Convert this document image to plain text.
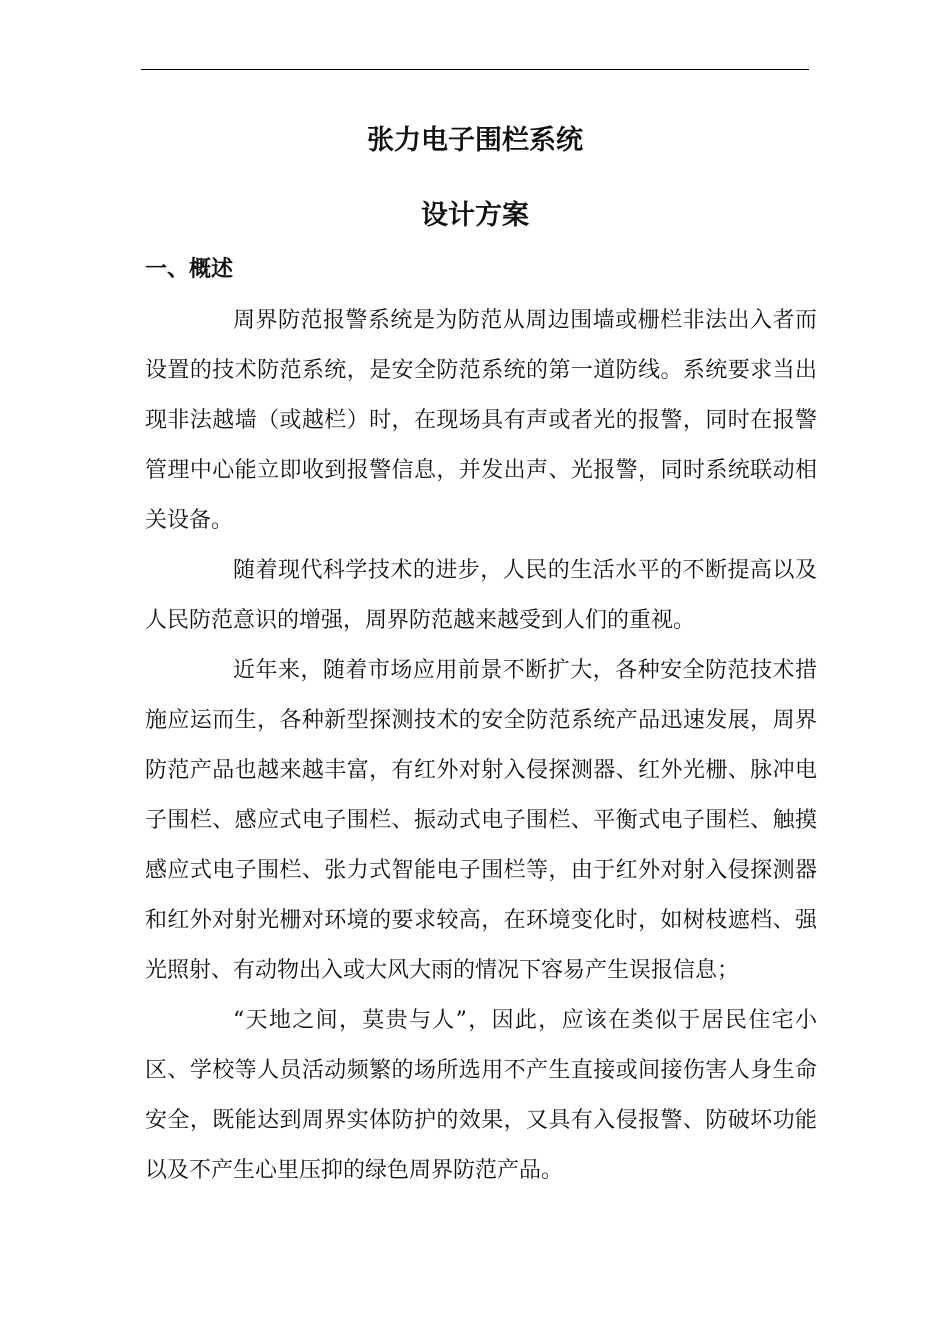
张力电子围栏系统
设计方案
一、概述

周界防范报警系统是为防范从周边围墙或栅栏非法出入者而设置的技术防范系统，是安全防范系统的第一道防线。系统要求当出现非法越墙（或越栏）时，在现场具有声或者光的报警，同时在报警管理中心能立即收到报警信息，并发出声、光报警，同时系统联动相关设备。

随着现代科学技术的进步，人民的生活水平的不断提高以及人民防范意识的增强，周界防范越来越受到人们的重视。

近年来，随着市场应用前景不断扩大，各种安全防范技术措施应运而生，各种新型探测技术的安全防范系统产品迅速发展，周界防范产品也越来越丰富，有红外对射入侵探测器、红外光栅、脉冲电子围栏、感应式电子围栏、振动式电子围栏、平衡式电子围栏、触摸感应式电子围栏、张力式智能电子围栏等，由于红外对射入侵探测器和红外对射光栅对环境的要求较高，在环境变化时，如树枝遮档、强光照射、有动物出入或大风大雨的情况下容易产生误报信息；

“天地之间，莫贵与人”，因此，应该在类似于居民住宅小区、学校等人员活动频繁的场所选用不产生直接或间接伤害人身生命安全，既能达到周界实体防护的效果，又具有入侵报警、防破坏功能以及不产生心里压抑的绿色周界防范产品。
